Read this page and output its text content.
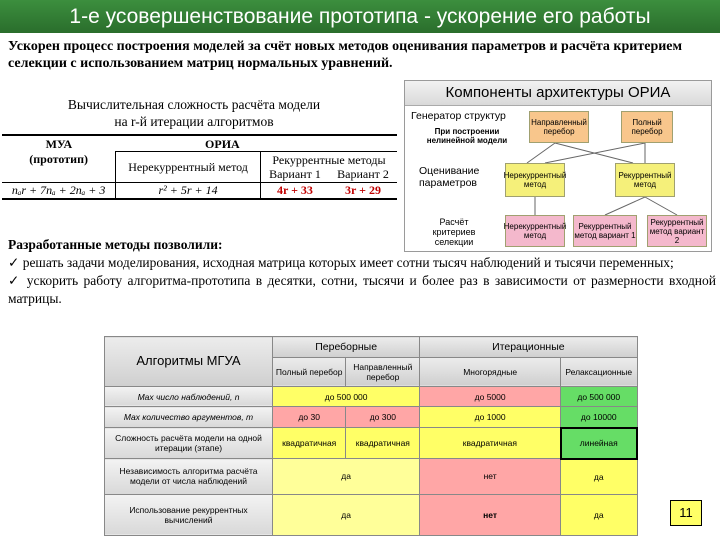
1-е усовершенствование прототипа - ускорение его работы
Ускорен процесс построения моделей за счёт новых методов оценивания параметров и расчёта критерием селекции с использованием матриц нормальных уравнений.
Вычислительная сложность расчёта модели
на r-й итерации алгоритмов
МУА	ОРИА		
(прототип)	Нерекуррентный метод	Рекуррентные методы	
		Вариант 1	Вариант 2
nₐr + 7nₐ + 2nₐ + 3	r² + 5r + 14	4r + 33	3r + 29
Компоненты архитектуры ОРИА
Генератор структур
При построении нелинейной модели
Оценивание параметров
Расчёт критериев селекции
Направленный перебор
Полный перебор
Нерекуррентный метод
Рекуррентный метод
Нерекуррентный метод
Рекуррентный метод вариант 1
Рекуррентный метод вариант 2
Разработанные методы позволили:
✓ решать задачи моделирования, исходная матрица которых имеет сотни тысяч наблюдений и тысячи переменных;
✓ ускорить работу алгоритма-прототипа в десятки, сотни, тысячи и более раз в зависимости от размерности входной матрицы.
Алгоритмы МГУА	Переборные		Итерационные	
	Полный перебор	Направленный перебор	Многорядные	Релаксационные
Max число наблюдений, n	до 500 000		до 5000	до 500 000
Max количество аргументов, m	до 30	до 300	до 1000	до 10000
Сложность расчёта модели на одной итерации (этапе)	квадратичная	квадратичная	квадратичная	линейная
Независимость алгоритма расчёта модели от числа наблюдений	да		нет	да
Использование рекуррентных вычислений	да		нет	да	11
